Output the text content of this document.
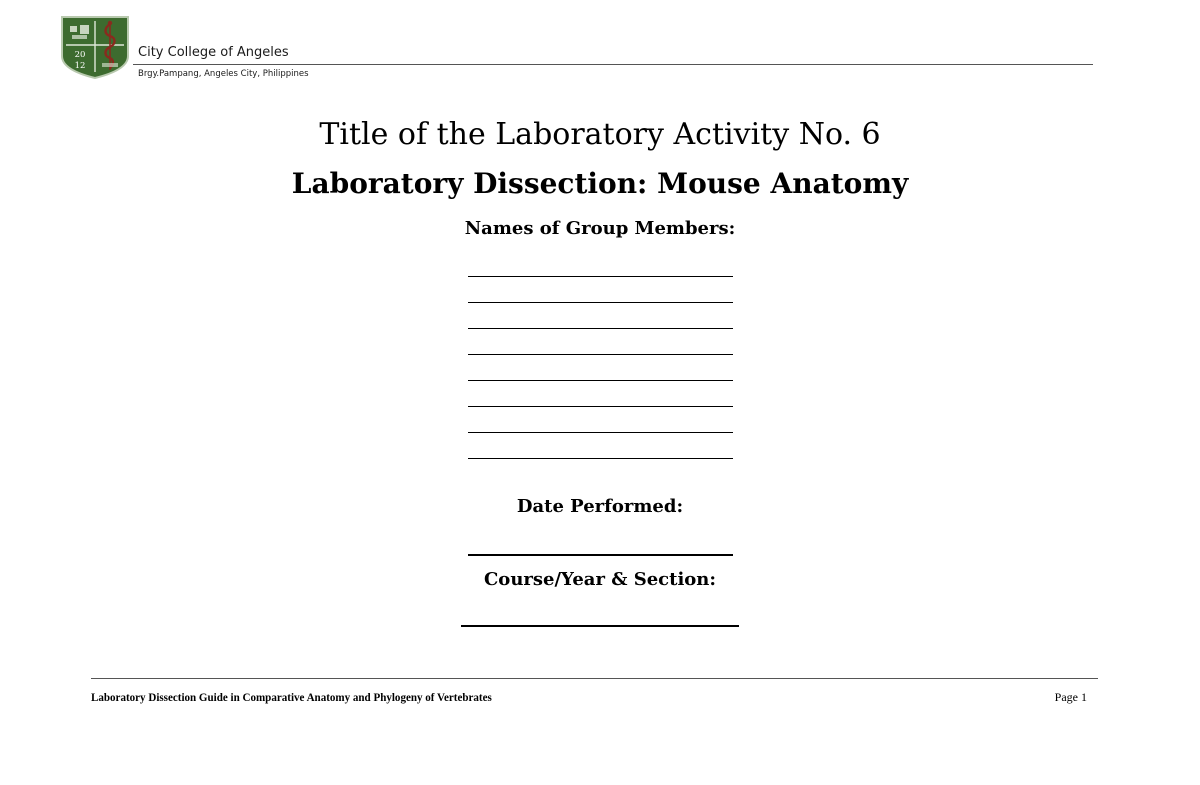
20
12
City College of Angeles
Brgy.Pampang, Angeles City, Philippines
Title of the Laboratory Activity No. 6
Laboratory Dissection: Mouse Anatomy
Names of Group Members:
Date Performed:
Course/Year & Section:
Laboratory Dissection Guide in Comparative Anatomy and Phylogeny of Vertebrates	Page 1
